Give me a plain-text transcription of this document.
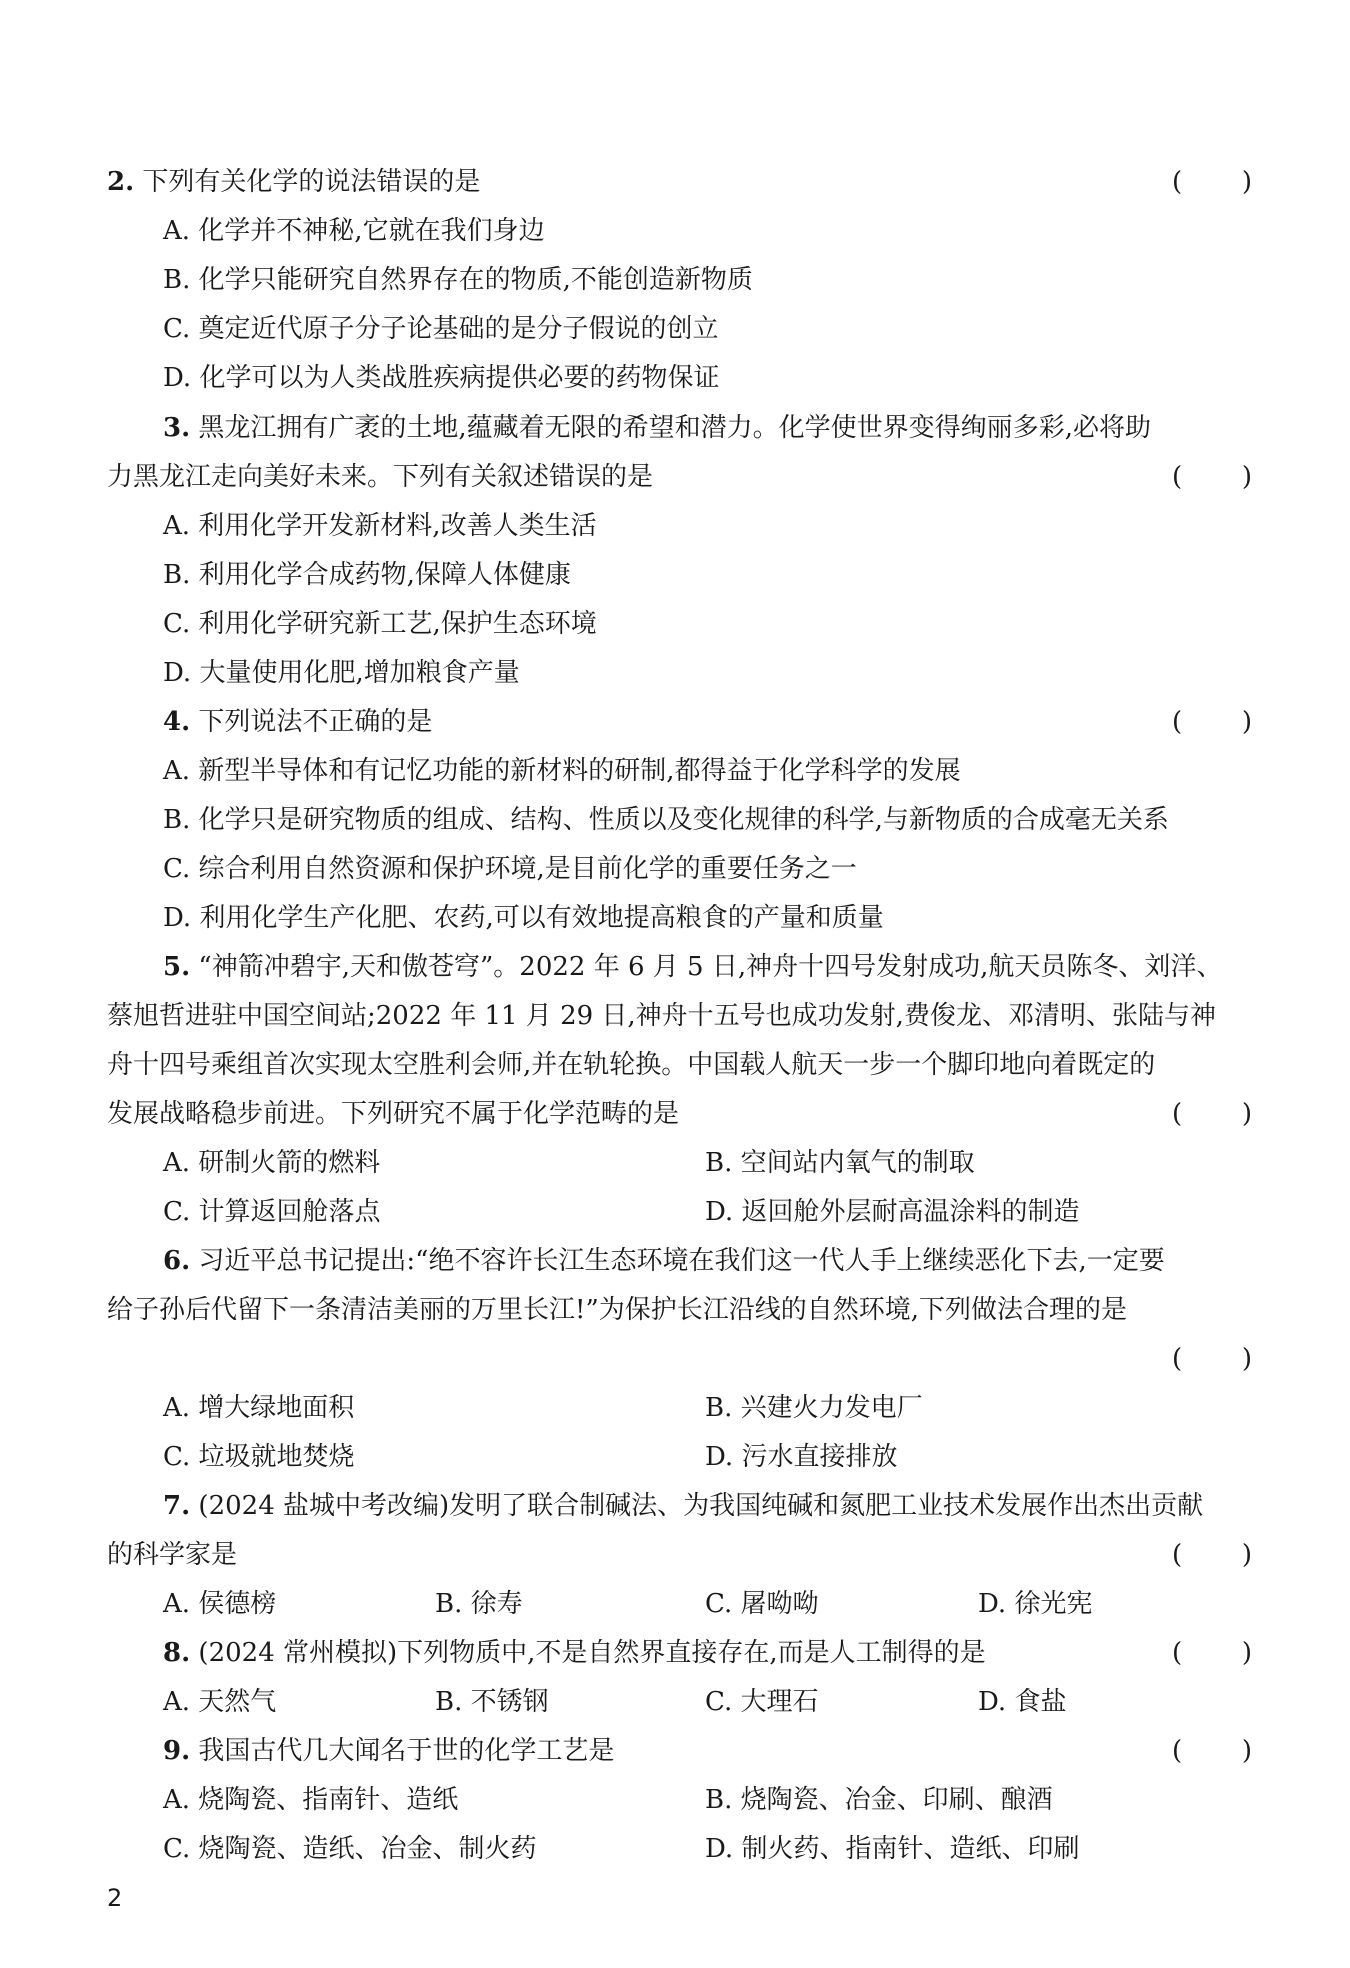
2. 下列有关化学的说法错误的是	( )
A. 化学并不神秘,它就在我们身边
B. 化学只能研究自然界存在的物质,不能创造新物质
C. 奠定近代原子分子论基础的是分子假说的创立
D. 化学可以为人类战胜疾病提供必要的药物保证
3. 黑龙江拥有广袤的土地,蕴藏着无限的希望和潜力。化学使世界变得绚丽多彩,必将助
力黑龙江走向美好未来。下列有关叙述错误的是	( )
A. 利用化学开发新材料,改善人类生活
B. 利用化学合成药物,保障人体健康
C. 利用化学研究新工艺,保护生态环境
D. 大量使用化肥,增加粮食产量
4. 下列说法不正确的是	( )
A. 新型半导体和有记忆功能的新材料的研制,都得益于化学科学的发展
B. 化学只是研究物质的组成、结构、性质以及变化规律的科学,与新物质的合成毫无关系
C. 综合利用自然资源和保护环境,是目前化学的重要任务之一
D. 利用化学生产化肥、农药,可以有效地提高粮食的产量和质量
5. “神箭冲碧宇,天和傲苍穹”。2022 年 6 月 5 日,神舟十四号发射成功,航天员陈冬、刘洋、
蔡旭哲进驻中国空间站;2022 年 11 月 29 日,神舟十五号也成功发射,费俊龙、邓清明、张陆与神
舟十四号乘组首次实现太空胜利会师,并在轨轮换。中国载人航天一步一个脚印地向着既定的
发展战略稳步前进。下列研究不属于化学范畴的是	( )
A. 研制火箭的燃料	B. 空间站内氧气的制取
C. 计算返回舱落点	D. 返回舱外层耐高温涂料的制造
6. 习近平总书记提出:“绝不容许长江生态环境在我们这一代人手上继续恶化下去,一定要
给子孙后代留下一条清洁美丽的万里长江!”为保护长江沿线的自然环境,下列做法合理的是
( )
A. 增大绿地面积	B. 兴建火力发电厂
C. 垃圾就地焚烧	D. 污水直接排放
7. (2024 盐城中考改编)发明了联合制碱法、为我国纯碱和氮肥工业技术发展作出杰出贡献
的科学家是	( )
A. 侯德榜	B. 徐寿	C. 屠呦呦	D. 徐光宪
8. (2024 常州模拟)下列物质中,不是自然界直接存在,而是人工制得的是	( )
A. 天然气	B. 不锈钢	C. 大理石	D. 食盐
9. 我国古代几大闻名于世的化学工艺是	( )
A. 烧陶瓷、指南针、造纸	B. 烧陶瓷、冶金、印刷、酿酒
C. 烧陶瓷、造纸、冶金、制火药	D. 制火药、指南针、造纸、印刷
2
